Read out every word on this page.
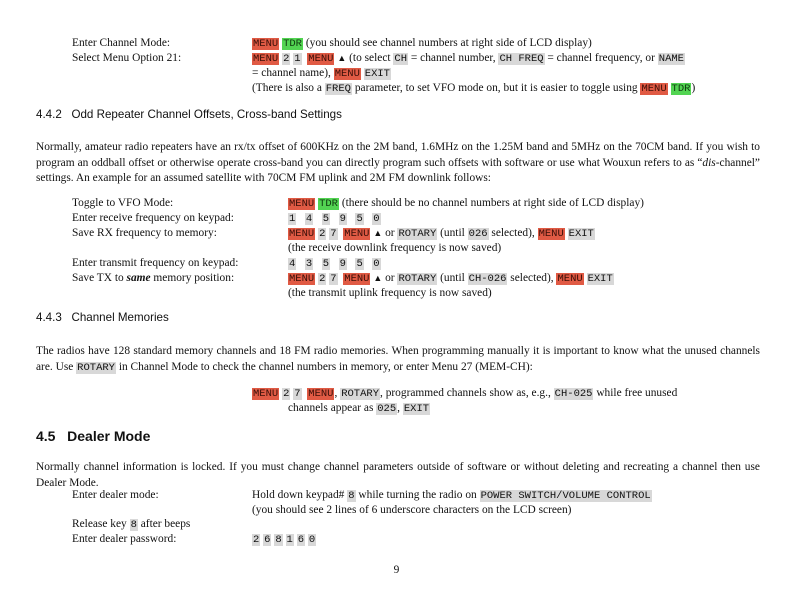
Enter Channel Mode:	MENU TDR (you should see channel numbers at right side of LCD display)
Select Menu Option 21:	MENU 2 1 MENU ▲ (to select CH = channel number, CH FREQ = channel frequency, or NAME
= channel name), MENU EXIT
(There is also a FREQ parameter, to set VFO mode on, but it is easier to toggle using MENU TDR)
4.4.2 Odd Repeater Channel Offsets, Cross-band Settings
Normally, amateur radio repeaters have an rx/tx offset of 600KHz on the 2M band, 1.6MHz on the 1.25M band and 5MHz on the 70CM band. If you wish to program an oddball offset or otherwise operate cross-band you can directly program such offsets with software or use what Wouxun refers to as “dis-channel” settings. An example for an assumed satellite with 70CM FM uplink and 2M FM downlink follows:
Toggle to VFO Mode:	MENU TDR (there should be no channel numbers at right side of LCD display)
Enter receive frequency on keypad:	1 4 5 9 5 0
Save RX frequency to memory:	MENU 2 7 MENU ▲ or ROTARY (until 026 selected), MENU EXIT
(the receive downlink frequency is now saved)
Enter transmit frequency on keypad:	4 3 5 9 5 0
Save TX to same memory position:	MENU 2 7 MENU ▲ or ROTARY (until CH-026 selected), MENU EXIT
(the transmit uplink frequency is now saved)
4.4.3 Channel Memories
The radios have 128 standard memory channels and 18 FM radio memories. When programming manually it is important to know what the unused channels are. Use ROTARY in Channel Mode to check the channel numbers in memory, or enter Menu 27 (MEM-CH):
MENU 2 7 MENU, ROTARY, programmed channels show as, e.g., CH-025 while free unused
channels appear as 025, EXIT
4.5 Dealer Mode
Normally channel information is locked. If you must change channel parameters outside of software or without deleting and recreating a channel then use Dealer Mode.
Enter dealer mode:	Hold down keypad# 8 while turning the radio on POWER SWITCH/VOLUME CONTROL
(you should see 2 lines of 6 underscore characters on the LCD screen)
Release key 8 after beeps
Enter dealer password:	2 6 8 1 6 0
9
